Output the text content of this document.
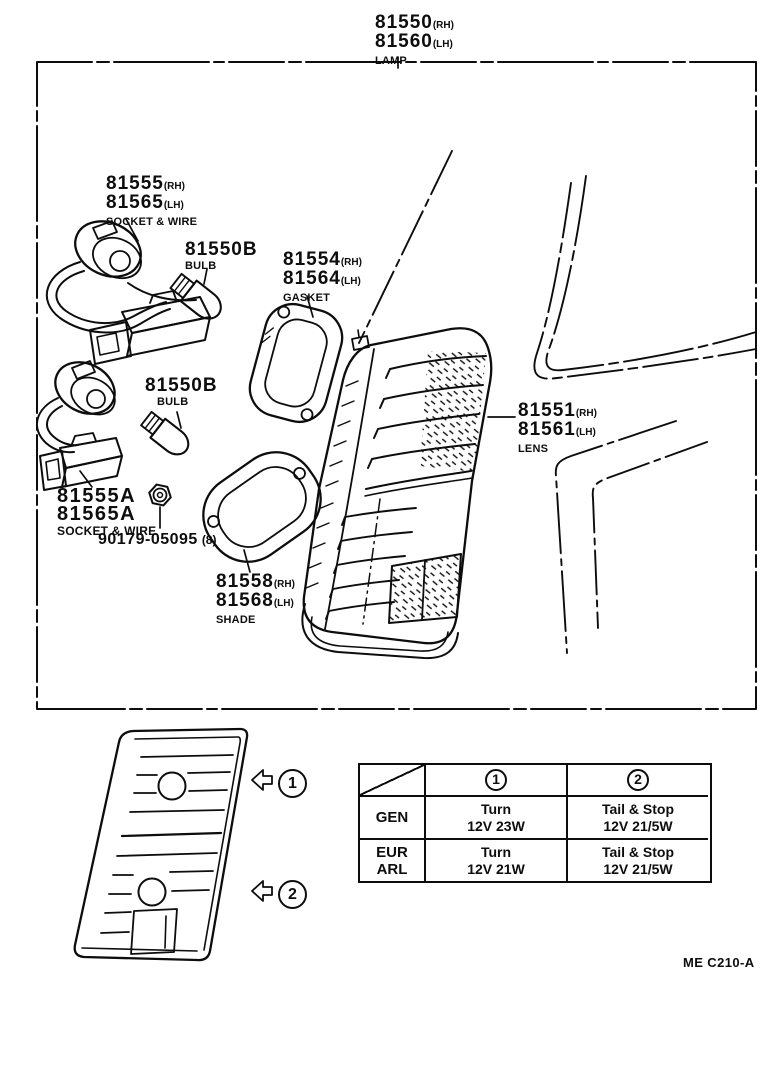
81550(RH)
81560(LH)
LAMP
81555(RH)
81565(LH)
SOCKET & WIRE
81550B
BULB	81554(RH)
81564(LH)
GASKET
81551(RH)
81561(LH)
LENS
81550B
BULB
81555A
81565A
SOCKET & WIRE
90179-05095 (8)
81558(RH)
81568(LH)
SHADE
1
2
1	2
GEN
Turn
12V 23W
Tail & Stop
12V 21/5W
EUR
ARL
Turn
12V 21W
Tail & Stop
12V 21/5W
ME C210-A
